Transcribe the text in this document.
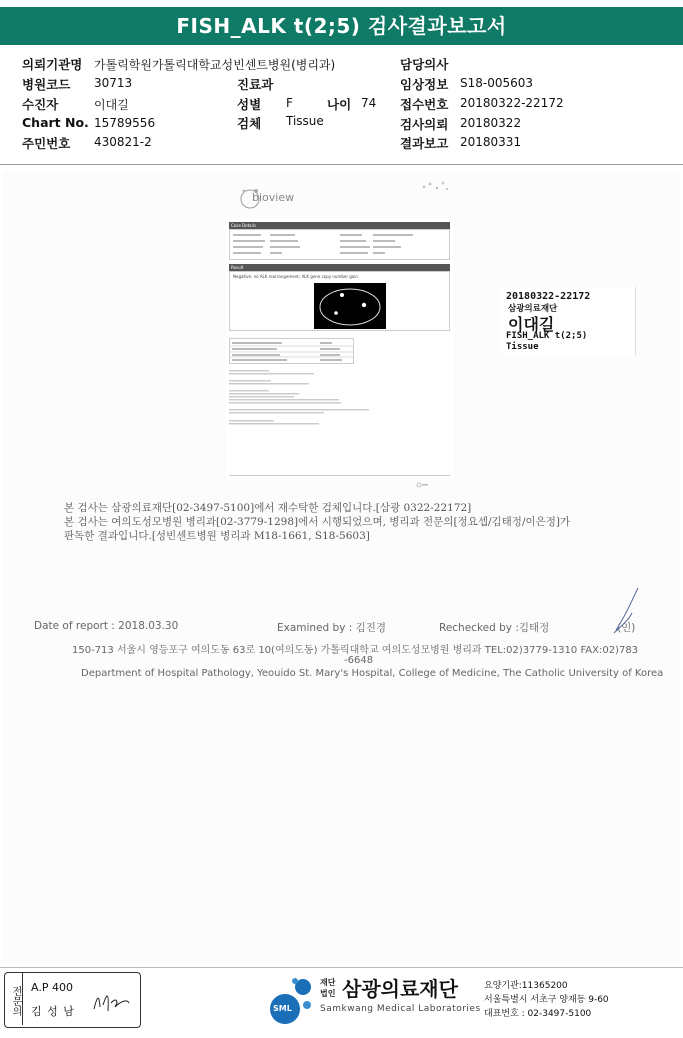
FISH_ALK t(2;5) 검사결과보고서
의뢰기관명 가톨릭학원가톨릭대학교성빈센트병원(병리과)	담당의사
병원코드 30713	진료과	임상정보 S18-005603
수진자	이대길	성별 F	나이 74 접수번호 20180322-22172
Chart No. 15789556	검체 Tissue	검사의뢰 20180322
주민번호 430821-2	결과보고 20180331
bioview
Case Details
Result
Negative: no ALK rearrangement; ALK gene copy number gain
20180322-22172
삼광의료재단
이대길
FISH_ALK t(2;5)
Tissue
본 검사는 삼광의료재단[02-3497-5100]에서 재수탁한 검체입니다.[삼광 0322-22172]
본 검사는 여의도성모병원 병리과[02-3779-1298]에서 시행되었으며, 병리과 전문의[정요셉/김태정/이은정]가
판독한 결과입니다.[성빈센트병원 병리과 M18-1661, S18-5603]
Date of report : 2018.03.30	Examined by : 김진경	Rechecked by :김태정	(인)
150-713 서울시 영등포구 여의도동 63로 10(여의도동) 가톨릭대학교 여의도성모병원 병리과 TEL:02)3779-1310 FAX:02)783
-6648
Department of Hospital Pathology, Yeouido St. Mary's Hospital, College of Medicine, The Catholic University of Korea
전문의 A.P 400
김 성 남	SML
재단법인 삼광의료재단
Samkwang Medical Laboratories
요양기관:11365200
서울특별시 서초구 양재동 9-60
대표번호 : 02-3497-5100
